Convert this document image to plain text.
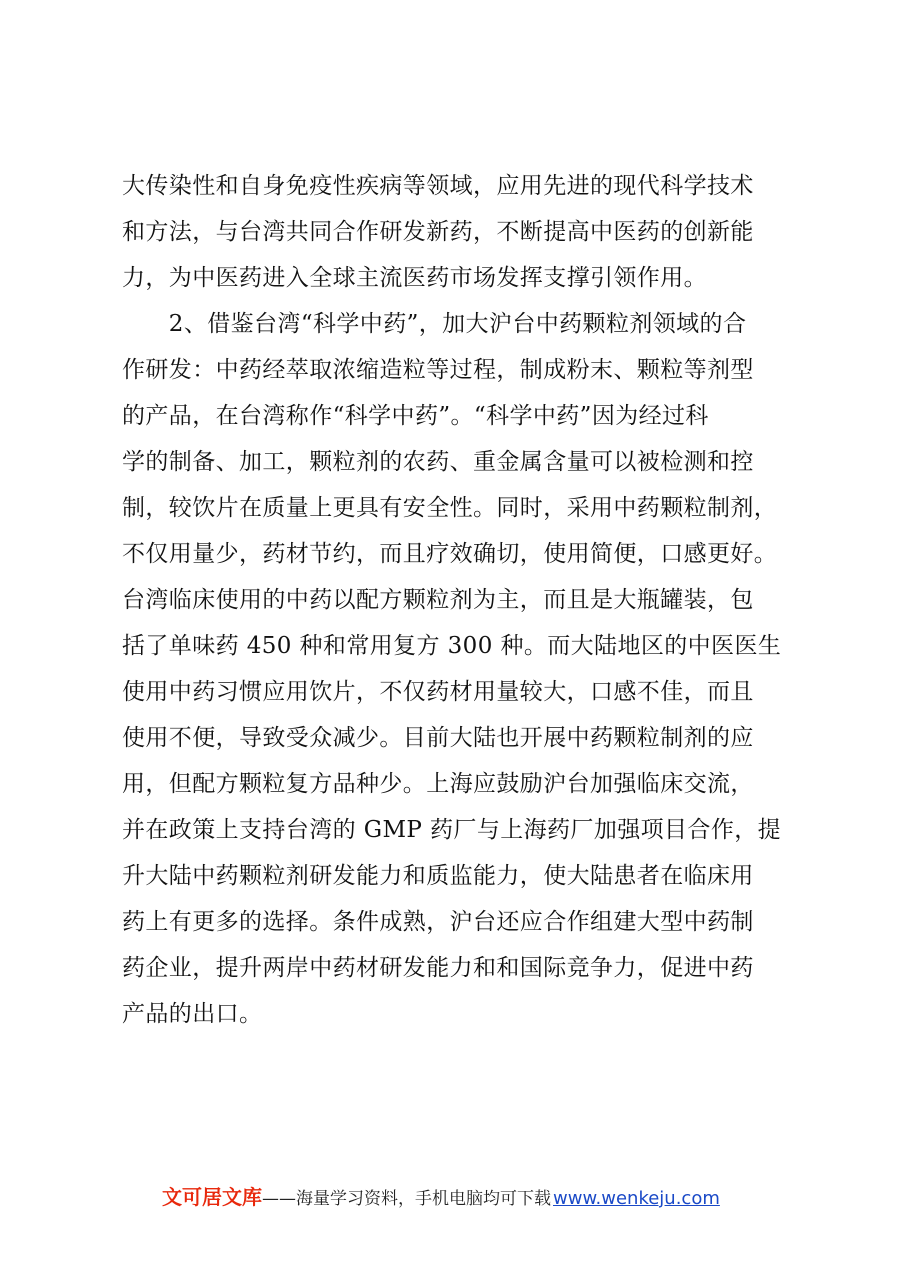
大传染性和自身免疫性疾病等领域，应用先进的现代科学技术
和方法，与台湾共同合作研发新药，不断提高中医药的创新能
力，为中医药进入全球主流医药市场发挥支撑引领作用。
　　2、借鉴台湾“科学中药”，加大沪台中药颗粒剂领域的合
作研发：中药经萃取浓缩造粒等过程，制成粉末、颗粒等剂型
的产品，在台湾称作“科学中药”。“科学中药”因为经过科
学的制备、加工，颗粒剂的农药、重金属含量可以被检测和控
制，较饮片在质量上更具有安全性。同时，采用中药颗粒制剂，
不仅用量少，药材节约，而且疗效确切，使用简便，口感更好。
台湾临床使用的中药以配方颗粒剂为主，而且是大瓶罐装，包
括了单味药 450 种和常用复方 300 种。而大陆地区的中医医生
使用中药习惯应用饮片，不仅药材用量较大，口感不佳，而且
使用不便，导致受众减少。目前大陆也开展中药颗粒制剂的应
用，但配方颗粒复方品种少。上海应鼓励沪台加强临床交流，
并在政策上支持台湾的 GMP 药厂与上海药厂加强项目合作，提
升大陆中药颗粒剂研发能力和质监能力，使大陆患者在临床用
药上有更多的选择。条件成熟，沪台还应合作组建大型中药制
药企业，提升两岸中药材研发能力和和国际竞争力，促进中药
产品的出口。
文可居文库——海量学习资料，手机电脑均可下载 www.wenkeju.com
